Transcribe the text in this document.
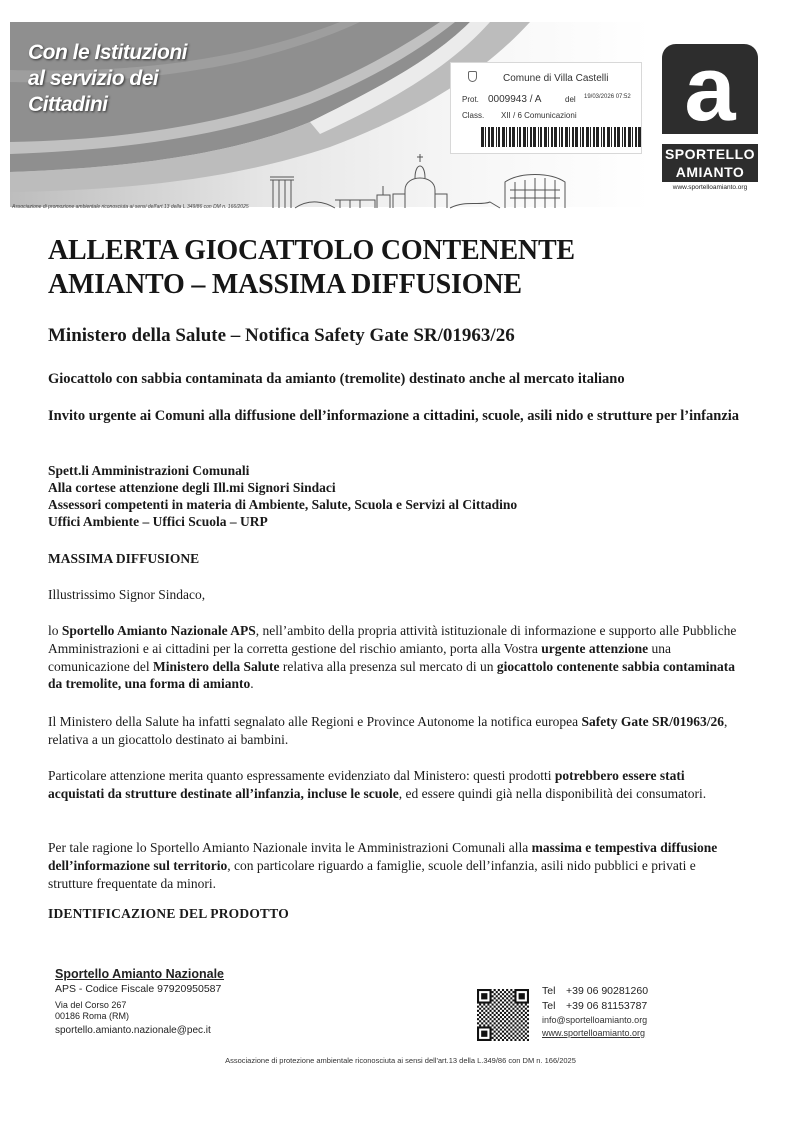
Con le Istituzioni
al servizio dei
Cittadini
Associazione di promozione ambientale riconosciuta ai sensi dell'art.13 della L.349/86 con DM n. 166/2025
Comune di Villa Castelli
Prot. 0009943 / A	del 19/03/2026 07:52
Class. XII / 6 Comunicazioni a
SPORTELLO
AMIANTO
www.sportelloamianto.org
ALLERTA GIOCATTOLO CONTENENTE AMIANTO – MASSIMA DIFFUSIONE
Ministero della Salute – Notifica Safety Gate SR/01963/26
Giocattolo con sabbia contaminata da amianto (tremolite) destinato anche al mercato italiano
Invito urgente ai Comuni alla diffusione dell’informazione a cittadini, scuole, asili nido e strutture per l’infanzia
Spett.li Amministrazioni Comunali
Alla cortese attenzione degli Ill.mi Signori Sindaci
Assessori competenti in materia di Ambiente, Salute, Scuola e Servizi al Cittadino
Uffici Ambiente – Uffici Scuola – URP
MASSIMA DIFFUSIONE
Illustrissimo Signor Sindaco,
lo Sportello Amianto Nazionale APS, nell’ambito della propria attività istituzionale di informazione e supporto alle Pubbliche Amministrazioni e ai cittadini per la corretta gestione del rischio amianto, porta alla Vostra urgente attenzione una comunicazione del Ministero della Salute relativa alla presenza sul mercato di un giocattolo contenente sabbia contaminata da tremolite, una forma di amianto.
Il Ministero della Salute ha infatti segnalato alle Regioni e Province Autonome la notifica europea Safety Gate SR/01963/26, relativa a un giocattolo destinato ai bambini.
Particolare attenzione merita quanto espressamente evidenziato dal Ministero: questi prodotti potrebbero essere stati acquistati da strutture destinate all’infanzia, incluse le scuole, ed essere quindi già nella disponibilità dei consumatori.
Per tale ragione lo Sportello Amianto Nazionale invita le Amministrazioni Comunali alla massima e tempestiva diffusione dell’informazione sul territorio, con particolare riguardo a famiglie, scuole dell’infanzia, asili nido pubblici e privati e strutture frequentate da minori.
IDENTIFICAZIONE DEL PRODOTTO
Sportello Amianto Nazionale
APS - Codice Fiscale 97920950587
Via del Corso 267
00186 Roma (RM)
sportello.amianto.nazionale@pec.it
Tel +39 06 90281260
Tel +39 06 81153787
info@sportelloamianto.org
www.sportelloamianto.org
Associazione di protezione ambientale riconosciuta ai sensi dell'art.13 della L.349/86 con DM n. 166/2025
